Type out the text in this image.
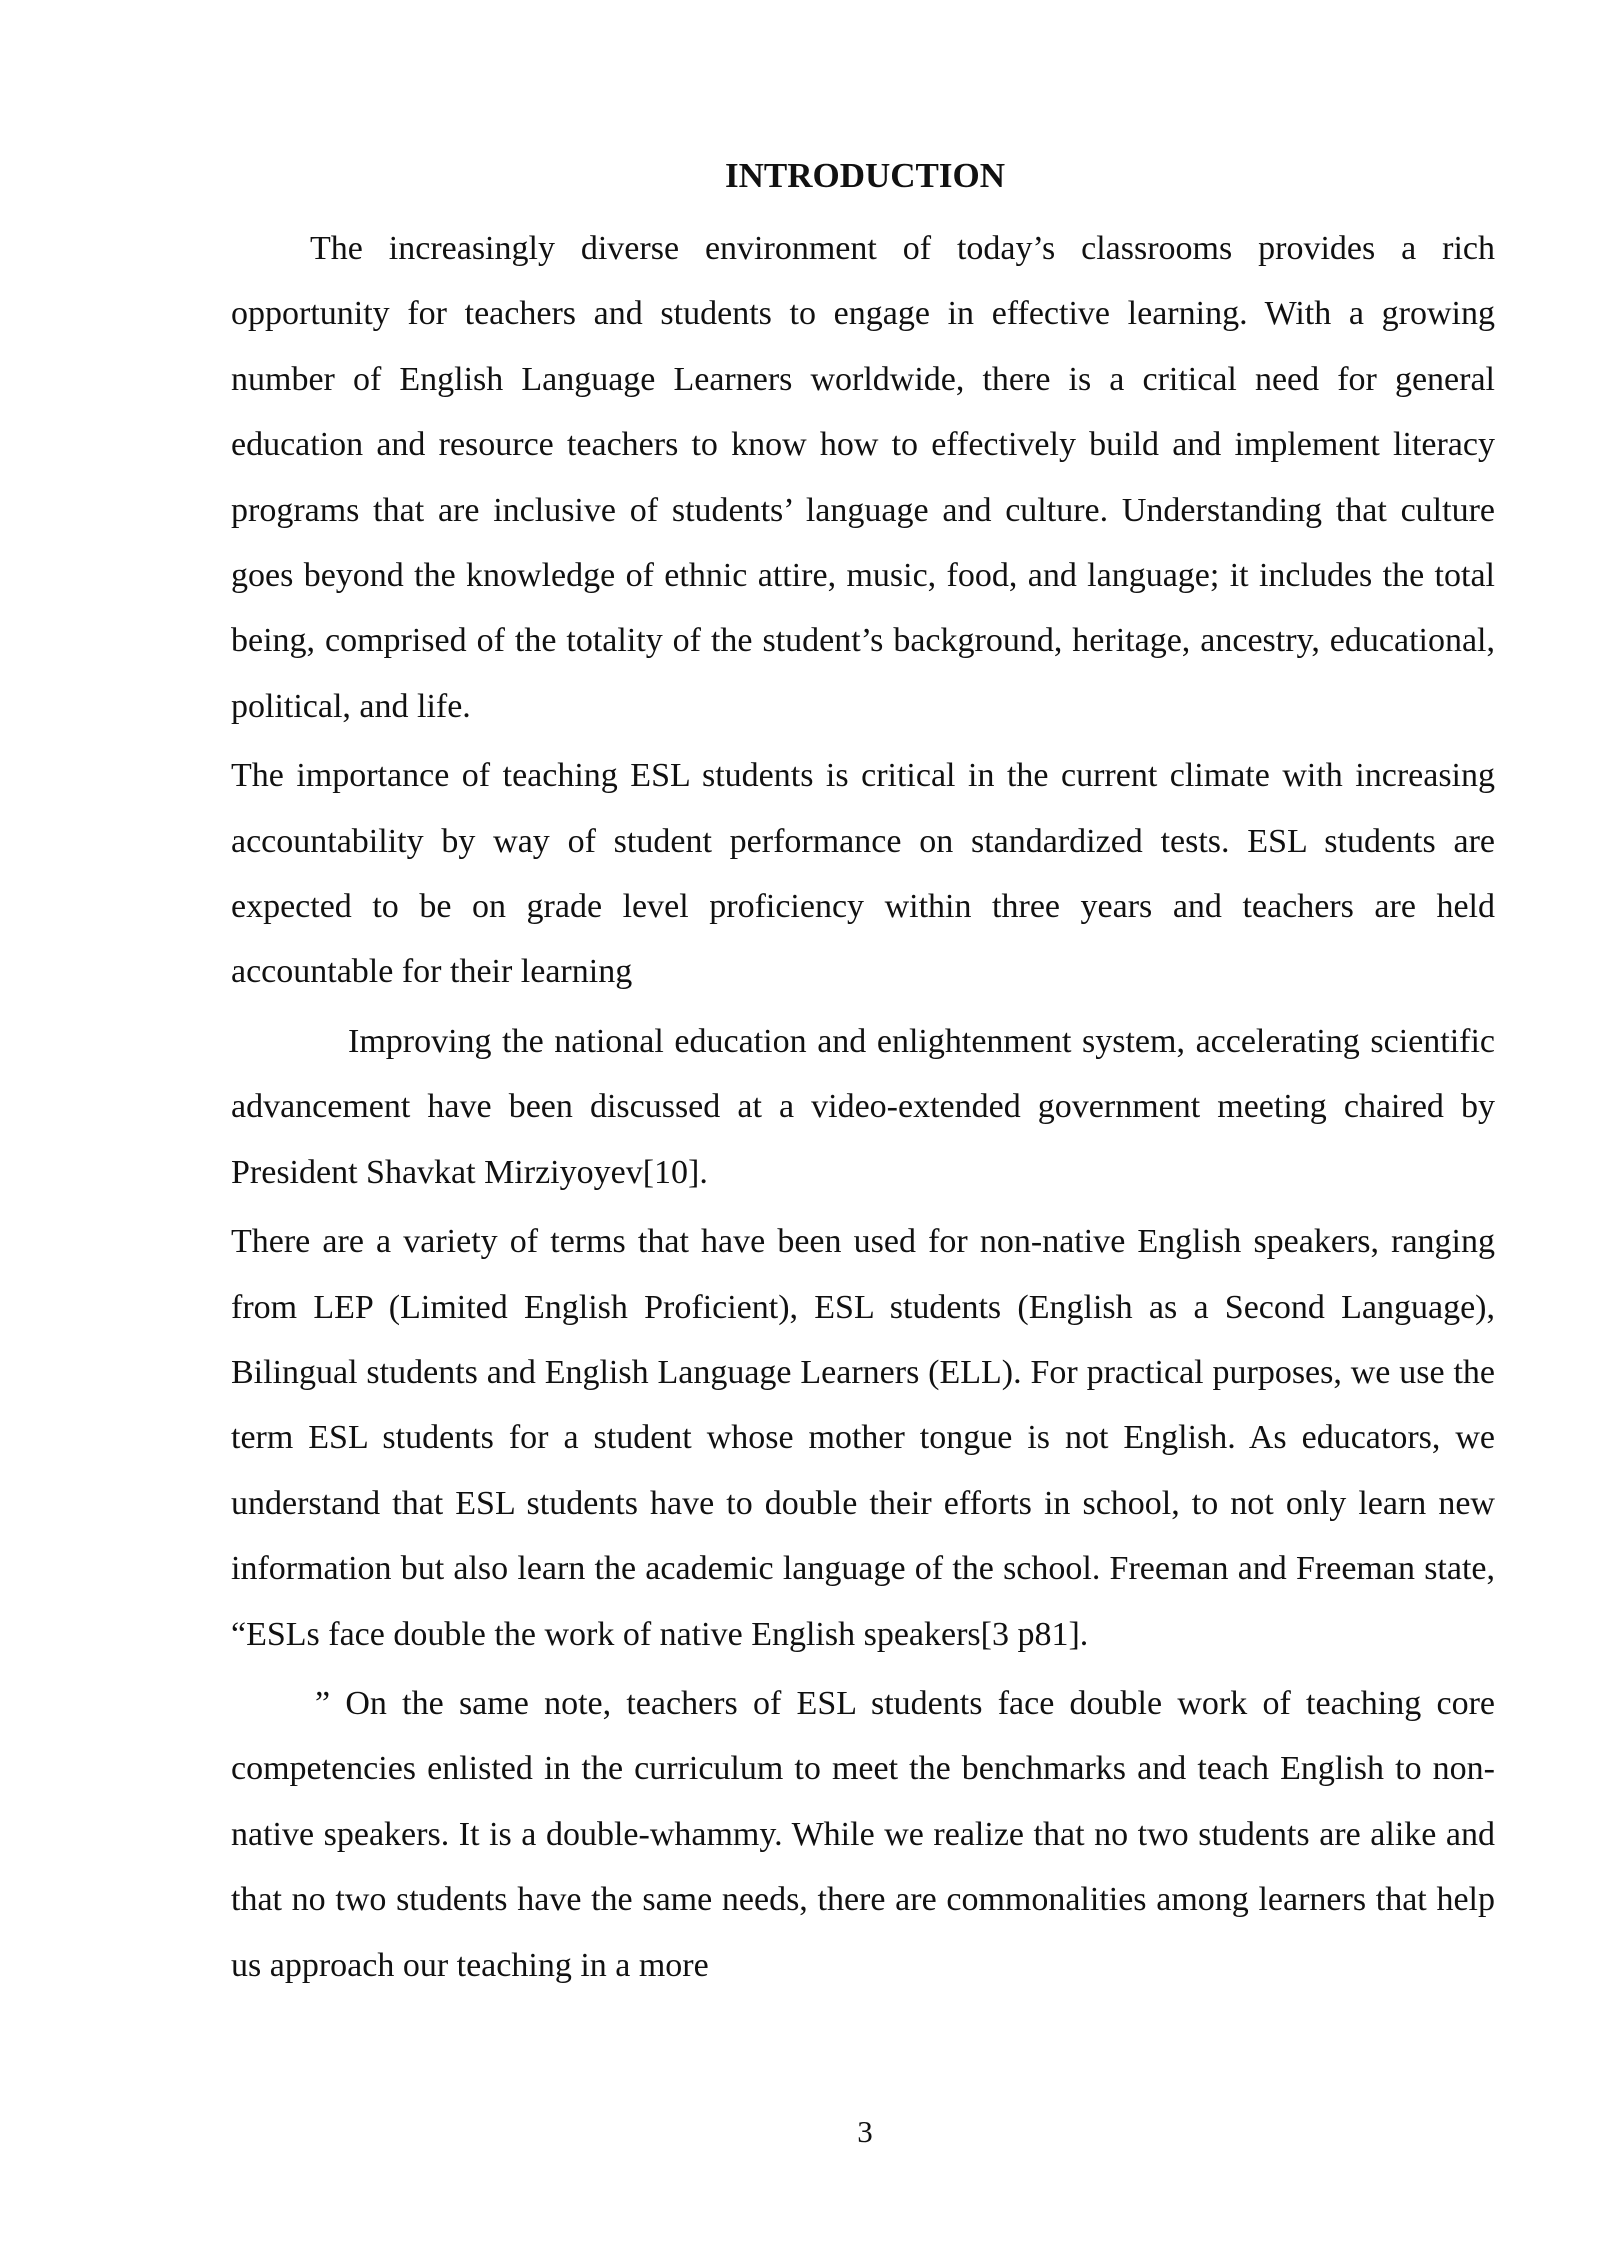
INTRODUCTION

The increasingly diverse environment of today’s classrooms provides a rich opportunity for teachers and students to engage in effective learning. With a growing number of English Language Learners worldwide, there is a critical need for general education and resource teachers to know how to effectively build and implement literacy programs that are inclusive of students’ language and culture. Understanding that culture goes beyond the knowledge of ethnic attire, music, food, and language; it includes the total being, comprised of the totality of the student’s background, heritage, ancestry, educational, political, and life.

The importance of teaching ESL students is critical in the current climate with increasing accountability by way of student performance on standardized tests. ESL students are expected to be on grade level proficiency within three years and teachers are held accountable for their learning

Improving the national education and enlightenment system, accelerating scientific advancement have been discussed at a video-extended government meeting chaired by President Shavkat Mirziyoyev[10].

There are a variety of terms that have been used for non-native English speakers, ranging from LEP (Limited English Proficient), ESL students (English as a Second Language), Bilingual students and English Language Learners (ELL). For practical purposes, we use the term ESL students for a student whose mother tongue is not English. As educators, we understand that ESL students have to double their efforts in school, to not only learn new information but also learn the academic language of the school. Freeman and Freeman state, “ESLs face double the work of native English speakers[3 p81].

” On the same note, teachers of ESL students face double work of teaching core competencies enlisted in the curriculum to meet the benchmarks and teach English to non-native speakers. It is a double-whammy. While we realize that no two students are alike and that no two students have the same needs, there are commonalities among learners that help us approach our teaching in a more

3
